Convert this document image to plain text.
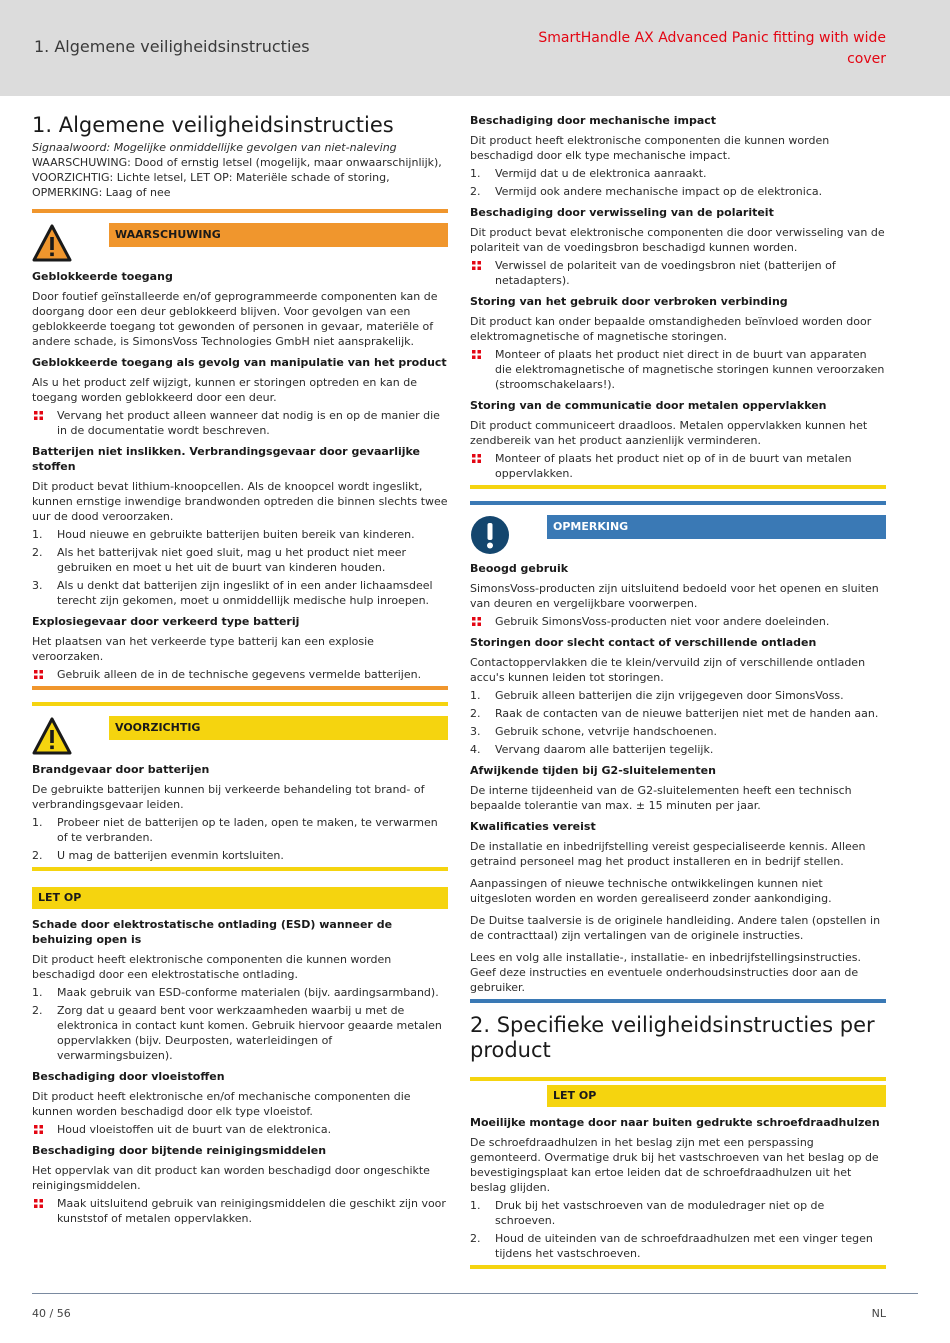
1. Algemene veiligheidsinstructies	SmartHandle AX Advanced Panic fitting with wide cover
1. Algemene veiligheidsinstructies
Signaalwoord: Mogelijke onmiddellijke gevolgen van niet-naleving
WAARSCHUWING: Dood of ernstig letsel (mogelijk, maar onwaarschijnlijk), VOORZICHTIG: Lichte letsel, LET OP: Materiële schade of storing, OPMERKING: Laag of nee
WAARSCHUWING
Geblokkeerde toegang

Door foutief geïnstalleerde en/of geprogrammeerde componenten kan de doorgang door een deur geblokkeerd blijven. Voor gevolgen van een geblokkeerde toegang tot gewonden of personen in gevaar, materiële of andere schade, is SimonsVoss Technologies GmbH niet aansprakelijk.

Geblokkeerde toegang als gevolg van manipulatie van het product

Als u het product zelf wijzigt, kunnen er storingen optreden en kan de toegang worden geblokkeerd door een deur.

Vervang het product alleen wanneer dat nodig is en op de manier die in de documentatie wordt beschreven.
Batterijen niet inslikken. Verbrandingsgevaar door gevaarlijke stoffen

Dit product bevat lithium-knoopcellen. Als de knoopcel wordt ingeslikt, kunnen ernstige inwendige brandwonden optreden die binnen slechts twee uur de dood veroorzaken.

1. Houd nieuwe en gebruikte batterijen buiten bereik van kinderen.
2. Als het batterijvak niet goed sluit, mag u het product niet meer gebruiken en moet u het uit de buurt van kinderen houden.
3. Als u denkt dat batterijen zijn ingeslikt of in een ander lichaamsdeel terecht zijn gekomen, moet u onmiddellijk medische hulp inroepen.
Explosiegevaar door verkeerd type batterij

Het plaatsen van het verkeerde type batterij kan een explosie veroorzaken.

Gebruik alleen de in de technische gegevens vermelde batterijen.
VOORZICHTIG
Brandgevaar door batterijen

De gebruikte batterijen kunnen bij verkeerde behandeling tot brand- of verbrandingsgevaar leiden.

1. Probeer niet de batterijen op te laden, open te maken, te verwarmen of te verbranden.
2. U mag de batterijen evenmin kortsluiten.
LET OP
Schade door elektrostatische ontlading (ESD) wanneer de behuizing open is

Dit product heeft elektronische componenten die kunnen worden beschadigd door een elektrostatische ontlading.

1. Maak gebruik van ESD-conforme materialen (bijv. aardingsarmband).
2. Zorg dat u geaard bent voor werkzaamheden waarbij u met de elektronica in contact kunt komen. Gebruik hiervoor geaarde metalen oppervlakken (bijv. Deurposten, waterleidingen of verwarmingsbuizen).
Beschadiging door vloeistoffen

Dit product heeft elektronische en/of mechanische componenten die kunnen worden beschadigd door elk type vloeistof.

Houd vloeistoffen uit de buurt van de elektronica.
Beschadiging door bijtende reinigingsmiddelen

Het oppervlak van dit product kan worden beschadigd door ongeschikte reinigingsmiddelen.

Maak uitsluitend gebruik van reinigingsmiddelen die geschikt zijn voor kunststof of metalen oppervlakken.
Beschadiging door mechanische impact

Dit product heeft elektronische componenten die kunnen worden beschadigd door elk type mechanische impact.

1. Vermijd dat u de elektronica aanraakt.
2. Vermijd ook andere mechanische impact op de elektronica.
Beschadiging door verwisseling van de polariteit

Dit product bevat elektronische componenten die door verwisseling van de polariteit van de voedingsbron beschadigd kunnen worden.

Verwissel de polariteit van de voedingsbron niet (batterijen of netadapters).
Storing van het gebruik door verbroken verbinding

Dit product kan onder bepaalde omstandigheden beïnvloed worden door elektromagnetische of magnetische storingen.

Monteer of plaats het product niet direct in de buurt van apparaten die elektromagnetische of magnetische storingen kunnen veroorzaken (stroomschakelaars!).
Storing van de communicatie door metalen oppervlakken

Dit product communiceert draadloos. Metalen oppervlakken kunnen het zendbereik van het product aanzienlijk verminderen.

Monteer of plaats het product niet op of in de buurt van metalen oppervlakken.
OPMERKING
Beoogd gebruik

SimonsVoss-producten zijn uitsluitend bedoeld voor het openen en sluiten van deuren en vergelijkbare voorwerpen.

Gebruik SimonsVoss-producten niet voor andere doeleinden.
Storingen door slecht contact of verschillende ontladen

Contactoppervlakken die te klein/vervuild zijn of verschillende ontladen accu's kunnen leiden tot storingen.

1. Gebruik alleen batterijen die zijn vrijgegeven door SimonsVoss.
2. Raak de contacten van de nieuwe batterijen niet met de handen aan.
3. Gebruik schone, vetvrije handschoenen.
4. Vervang daarom alle batterijen tegelijk.
Afwijkende tijden bij G2-sluitelementen

De interne tijdeenheid van de G2-sluitelementen heeft een technisch bepaalde tolerantie van max. ± 15 minuten per jaar.

Kwalificaties vereist

De installatie en inbedrijfstelling vereist gespecialiseerde kennis. Alleen getraind personeel mag het product installeren en in bedrijf stellen.

Aanpassingen of nieuwe technische ontwikkelingen kunnen niet uitgesloten worden en worden gerealiseerd zonder aankondiging.

De Duitse taalversie is de originele handleiding. Andere talen (opstellen in de contracttaal) zijn vertalingen van de originele instructies.

Lees en volg alle installatie-, installatie- en inbedrijfstellingsinstructies. Geef deze instructies en eventuele onderhoudsinstructies door aan de gebruiker.

2. Specifieke veiligheidsinstructies per product
LET OP
Moeilijke montage door naar buiten gedrukte schroefdraadhulzen

De schroefdraadhulzen in het beslag zijn met een perspassing gemonteerd. Overmatige druk bij het vastschroeven van het beslag op de bevestigingsplaat kan ertoe leiden dat de schroefdraadhulzen uit het beslag glijden.

1. Druk bij het vastschroeven van de moduledrager niet op de schroeven.
2. Houd de uiteinden van de schroefdraadhulzen met een vinger tegen tijdens het vastschroeven.
40 / 56	NL
